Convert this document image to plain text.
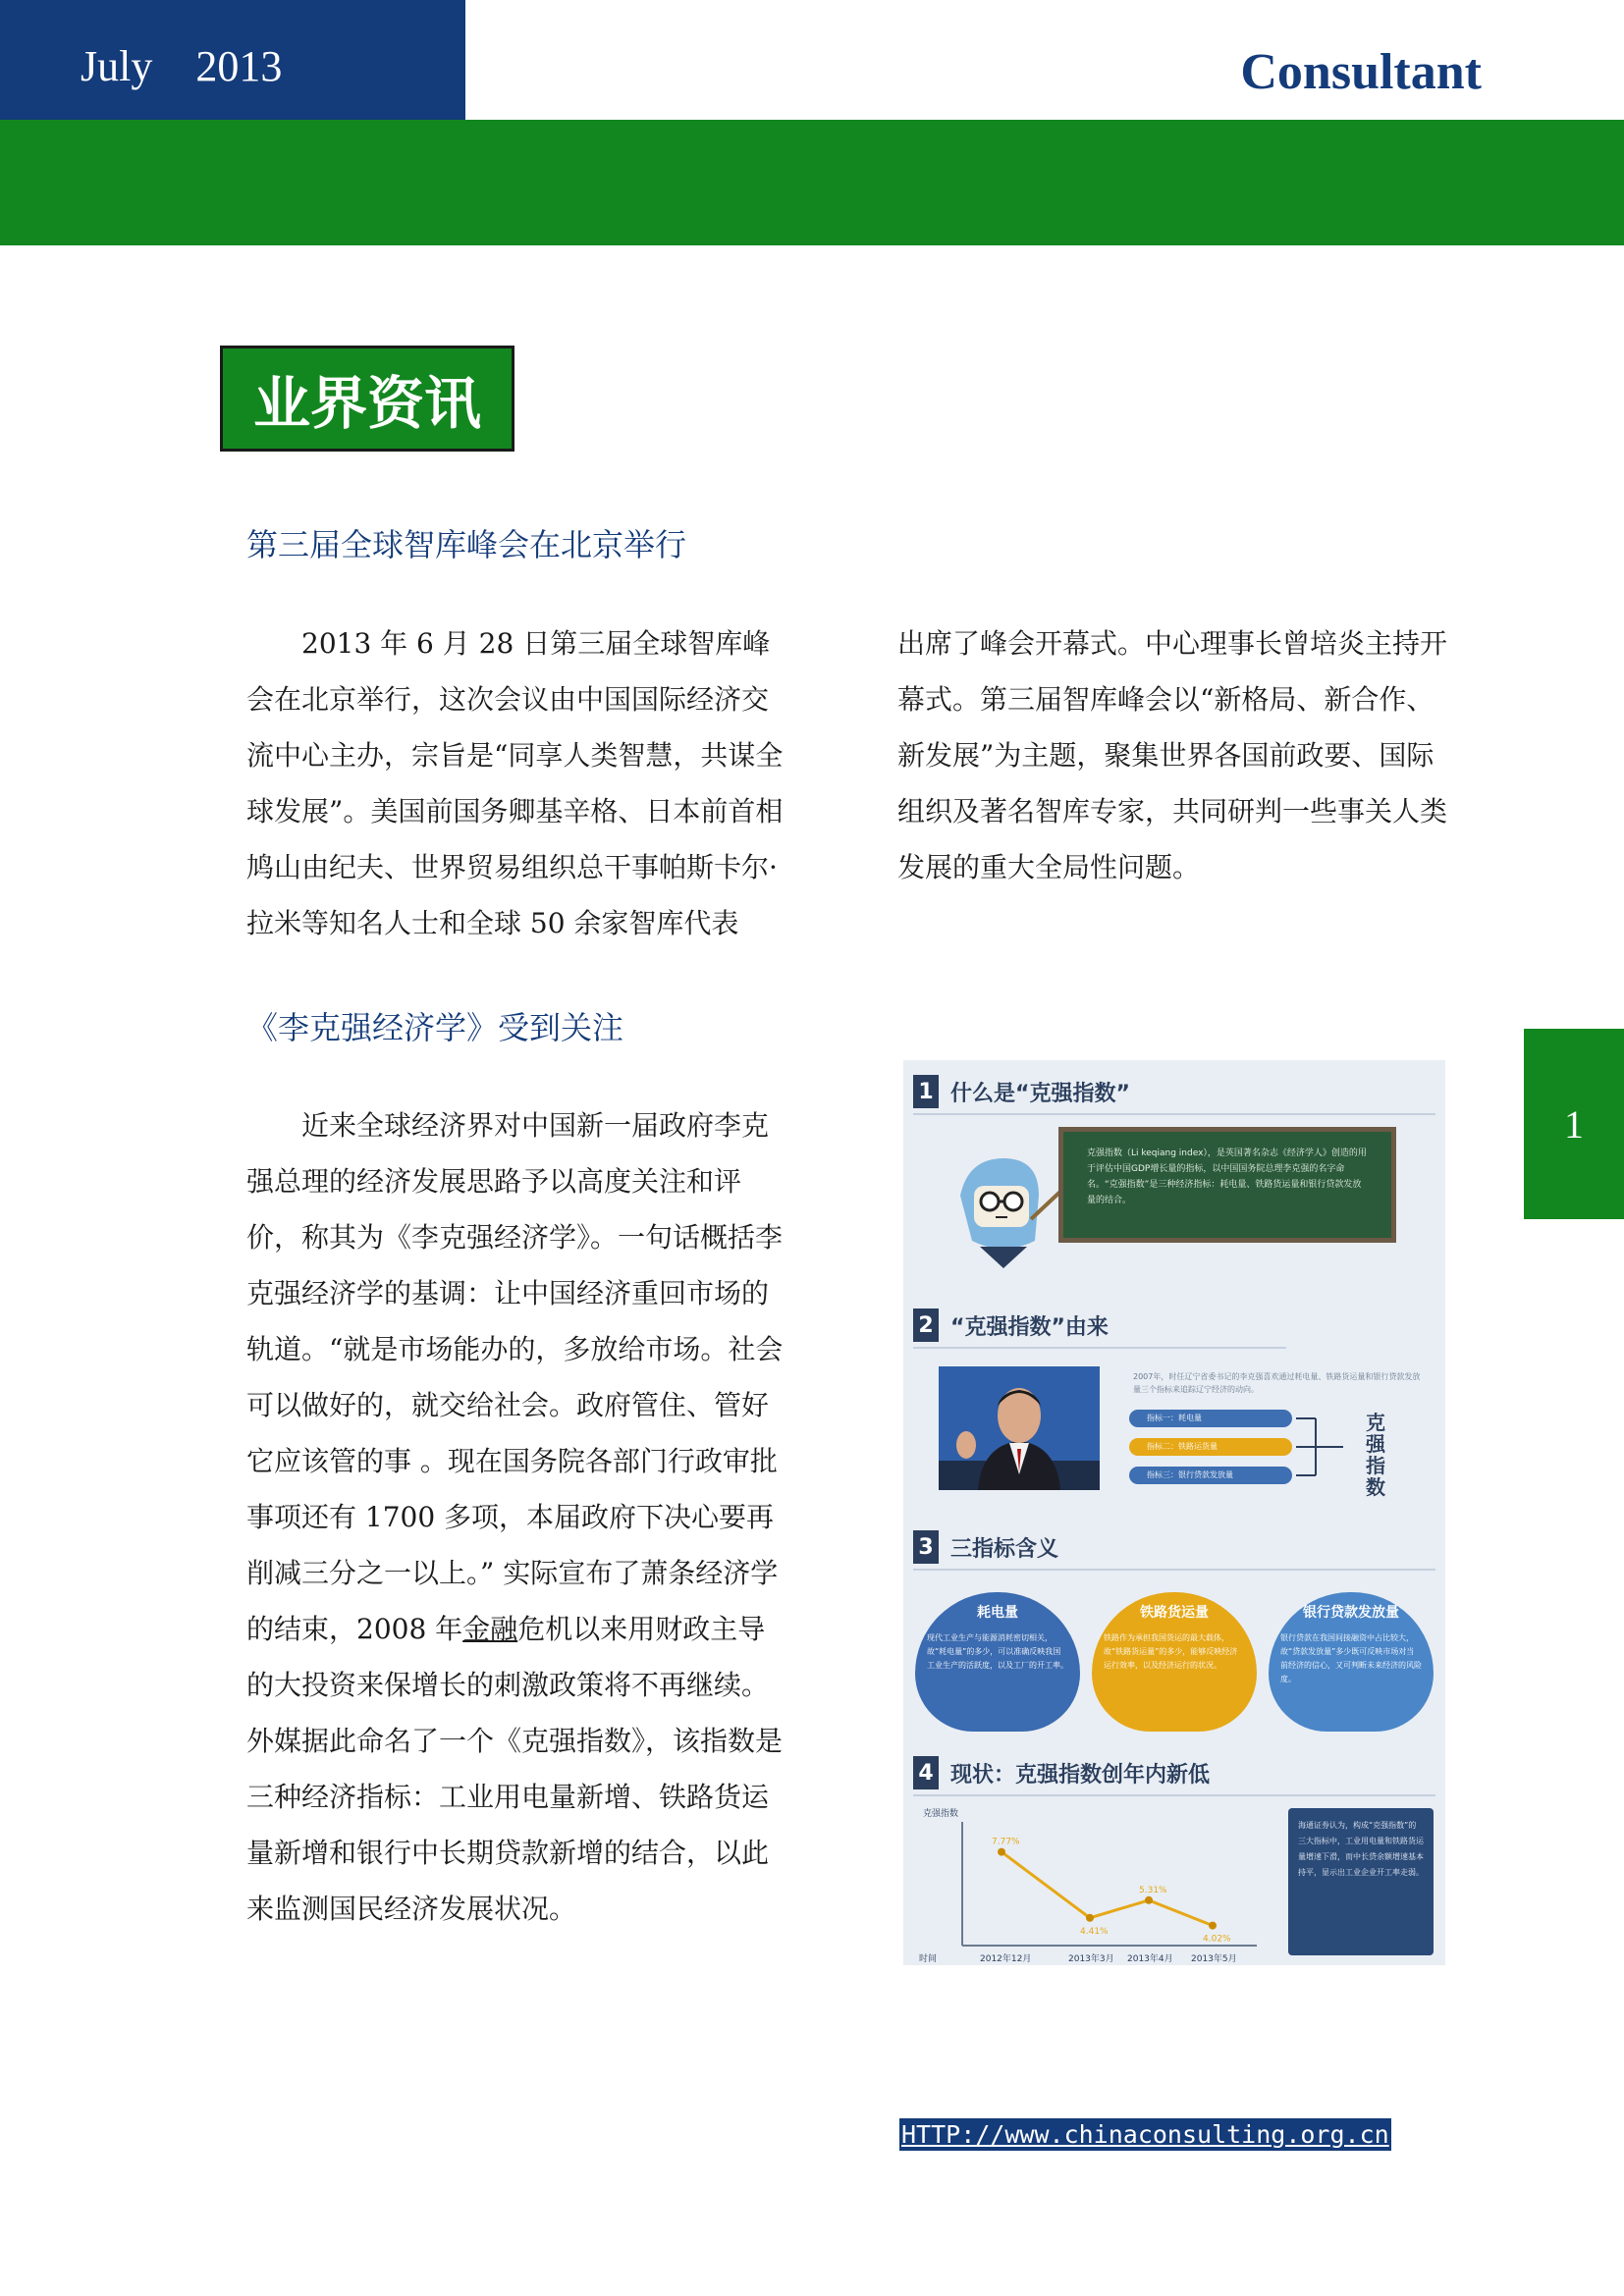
July    2013	Consultant
业界资讯
第三届全球智库峰会在北京举行

2013 年 6 月 28 日第三届全球智库峰会在北京举行，这次会议由中国国际经济交流中心主办，宗旨是“同享人类智慧，共谋全球发展”。美国前国务卿基辛格、日本前首相鸠山由纪夫、世界贸易组织总干事帕斯卡尔·拉米等知名人士和全球 50 余家智库代表

出席了峰会开幕式。中心理事长曾培炎主持开幕式。第三届智库峰会以“新格局、新合作、新发展”为主题，聚集世界各国前政要、国际组织及著名智库专家，共同研判一些事关人类发展的重大全局性问题。

《李克强经济学》受到关注

近来全球经济界对中国新一届政府李克强总理的经济发展思路予以高度关注和评价，称其为《李克强经济学》。一句话概括李克强经济学的基调：让中国经济重回市场的轨道。“就是市场能办的，多放给市场。社会可以做好的，就交给社会。政府管住、管好它应该管的事 。现在国务院各部门行政审批事项还有 1700 多项，本届政府下决心要再削减三分之一以上。” 实际宣布了萧条经济学的结束，2008 年金融危机以来用财政主导的大投资来保增长的刺激政策将不再继续。外媒据此命名了一个《克强指数》，该指数是三种经济指标：工业用电量新增、铁路货运量新增和银行中长期贷款新增的结合，以此来监测国民经济发展状况。

1
1 什么是“克强指数”
克强指数（Li keqiang index），是英国著名杂志《经济学人》创造的用于评估中国GDP增长量的指标，以中国国务院总理李克强的名字命名。“克强指数”是三种经济指标：耗电量、铁路货运量和银行贷款发放量的结合。
2 “克强指数”由来
2007年，时任辽宁省委书记的李克强喜欢通过耗电量、铁路货运量和银行贷款发放量三个指标来追踪辽宁经济的动向。
指标一：耗电量
指标二：铁路运货量
指标三：银行贷款发放量
克强指数
3 三指标含义
耗电量
现代工业生产与能源消耗密切相关，故“耗电量”的多少，可以准确反映我国工业生产的活跃度，以及工厂的开工率。
铁路货运量
铁路作为承担我国货运的最大载体，故“铁路货运量”的多少，能够反映经济运行效率，以及经济运行的状况。
银行贷款发放量
银行贷款在我国间接融资中占比较大，故“贷款发放量”多少既可反映市场对当前经济的信心，又可判断未来经济的风险度。
4 现状：克强指数创年内新低
克强指数
时间
7.77%
2012年12月
4.41%
2013年3月
5.31%
2013年4月
4.02%
2013年5月
海通证券认为，构成“克强指数”的三大指标中，工业用电量和铁路货运量增速下滑，而中长贷余额增速基本持平，显示出工业企业开工率走弱。
HTTP://www.chinaconsulting.org.cn
